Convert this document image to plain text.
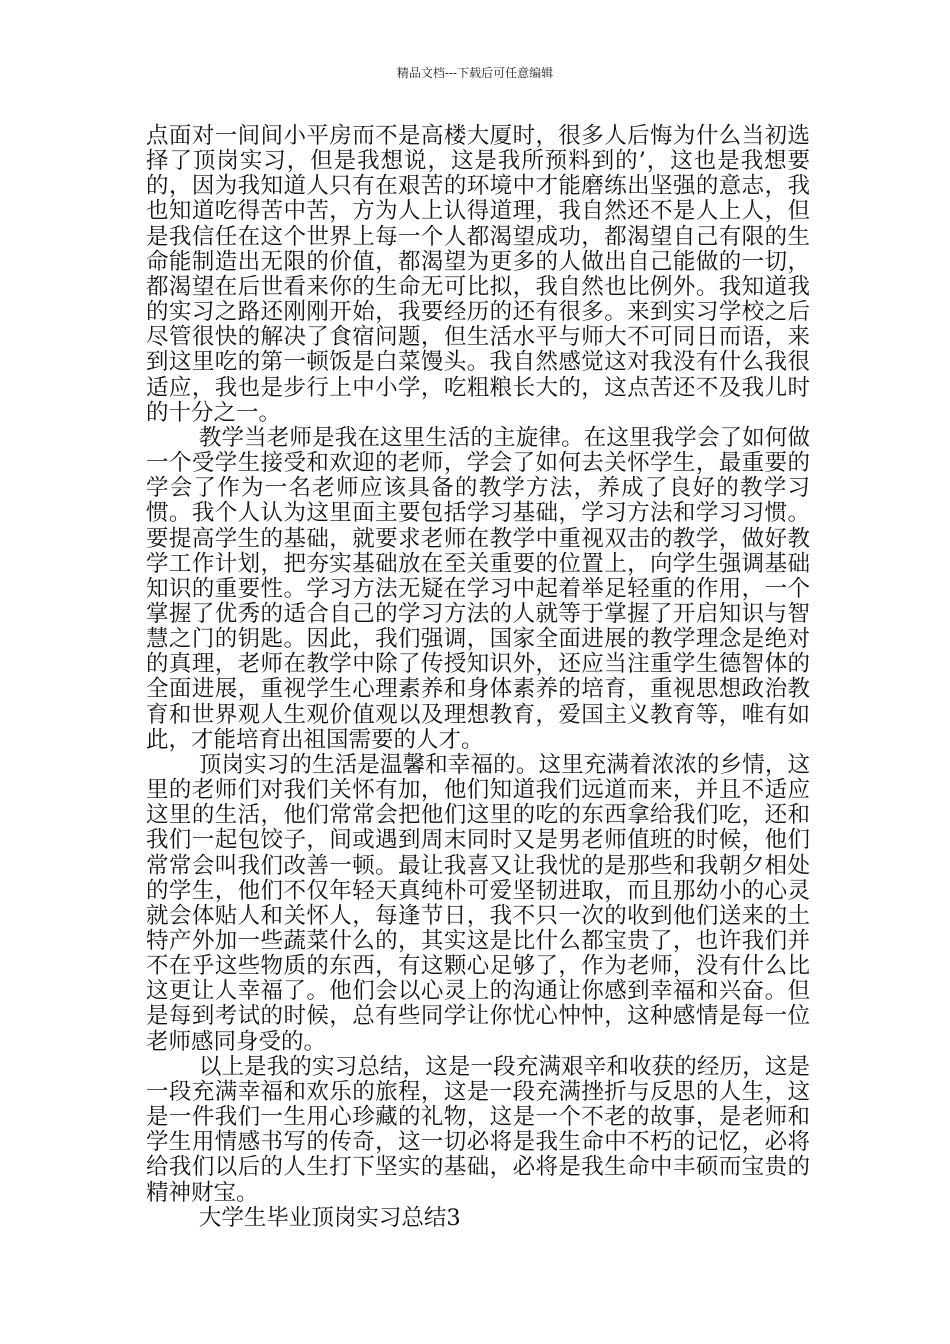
精品文档---下载后可任意编辑

点面对一间间小平房而不是高楼大厦时，很多人后悔为什么当初选择了顶岗实习，但是我想说，这是我所预料到的’，这也是我想要的，因为我知道人只有在艰苦的环境中才能磨练出坚强的意志，我也知道吃得苦中苦，方为人上认得道理，我自然还不是人上人，但是我信任在这个世界上每一个人都渴望成功，都渴望自己有限的生命能制造出无限的价值，都渴望为更多的人做出自己能做的一切，都渴望在后世看来你的生命无可比拟，我自然也比例外。我知道我的实习之路还刚刚开始，我要经历的还有很多。来到实习学校之后尽管很快的解决了食宿问题，但生活水平与师大不可同日而语，来到这里吃的第一顿饭是白菜馒头。我自然感觉这对我没有什么我很适应，我也是步行上中小学，吃粗粮长大的，这点苦还不及我儿时的十分之一。

教学当老师是我在这里生活的主旋律。在这里我学会了如何做一个受学生接受和欢迎的老师，学会了如何去关怀学生，最重要的学会了作为一名老师应该具备的教学方法，养成了良好的教学习惯。我个人认为这里面主要包括学习基础，学习方法和学习习惯。要提高学生的基础，就要求老师在教学中重视双击的教学，做好教学工作计划，把夯实基础放在至关重要的位置上，向学生强调基础知识的重要性。学习方法无疑在学习中起着举足轻重的作用，一个掌握了优秀的适合自己的学习方法的人就等于掌握了开启知识与智慧之门的钥匙。因此，我们强调，国家全面进展的教学理念是绝对的真理，老师在教学中除了传授知识外，还应当注重学生德智体的全面进展，重视学生心理素养和身体素养的培育，重视思想政治教育和世界观人生观价值观以及理想教育，爱国主义教育等，唯有如此，才能培育出祖国需要的人才。

顶岗实习的生活是温馨和幸福的。这里充满着浓浓的乡情，这里的老师们对我们关怀有加，他们知道我们远道而来，并且不适应这里的生活，他们常常会把他们这里的吃的东西拿给我们吃，还和我们一起包饺子，间或遇到周末同时又是男老师值班的时候，他们常常会叫我们改善一顿。最让我喜又让我忧的是那些和我朝夕相处的学生，他们不仅年轻天真纯朴可爱坚韧进取，而且那幼小的心灵就会体贴人和关怀人，每逢节日，我不只一次的收到他们送来的土特产外加一些蔬菜什么的，其实这是比什么都宝贵了，也许我们并不在乎这些物质的东西，有这颗心足够了，作为老师，没有什么比这更让人幸福了。他们会以心灵上的沟通让你感到幸福和兴奋。但是每到考试的时候，总有些同学让你忧心忡忡，这种感情是每一位老师感同身受的。

以上是我的实习总结，这是一段充满艰辛和收获的经历，这是一段充满幸福和欢乐的旅程，这是一段充满挫折与反思的人生，这是一件我们一生用心珍藏的礼物，这是一个不老的故事，是老师和学生用情感书写的传奇，这一切必将是我生命中不朽的记忆，必将给我们以后的人生打下坚实的基础，必将是我生命中丰硕而宝贵的精神财宝。

大学生毕业顶岗实习总结3
